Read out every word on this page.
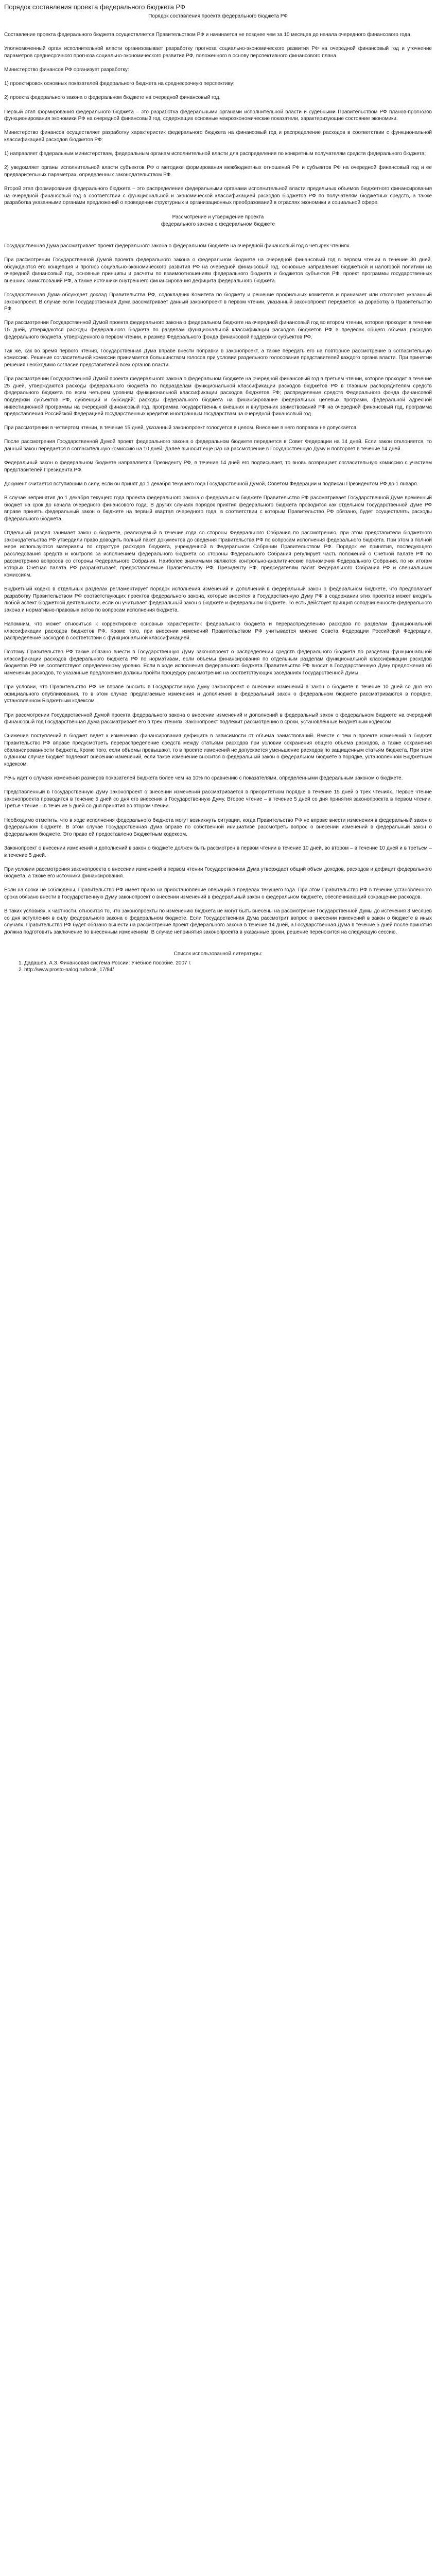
Порядок составления проекта федерального бюджета РФ
Порядок составления проекта федерального бюджета РФ

Составление проекта федерального бюджета осуществляется Правительством РФ и начинается не позднее чем за 10 месяцев до начала очередного финансового года.

Уполномоченный орган исполнительной власти организовывает разработку прогноза социально-экономического развития РФ на очередной финансовый год и уточнение параметров среднесрочного прогноза социально-экономического развития РФ, положенного в основу перспективного финансового плана.

Министерство финансов РФ организует разработку:

1) проектировок основных показателей федерального бюджета на среднесрочную перспективу;

2) проекта федерального закона о федеральном бюджете на очередной финансовый год.

Первый этап формирования федерального бюджета – это разработка федеральными органами исполнительной власти и судебными Правительством РФ планов-прогнозов функционирования экономики РФ на очередной финансовый год, содержащих основные макроэкономические показатели, характеризующие состояние экономики.

Министерство финансов осуществляет разработку характеристик федерального бюджета на финансовый год и распределение расходов в соответствии с функциональной классификацией расходов бюджетов РФ:

1) направляет федеральным министерствам, федеральным органам исполнительной власти для распределения по конкретным получателям средств федерального бюджета;

2) уведомляет органы исполнительной власти субъектов РФ о методике формирования межбюджетных отношений РФ и субъектов РФ на очередной финансовый год и ее предварительных параметрах, определенных законодательством РФ.

Второй этап формирования федерального бюджета – это распределение федеральными органами исполнительной власти предельных объемов бюджетного финансирования на очередной финансовый год в соответствии с функциональной и экономической классификацией расходов бюджетов РФ по получателям бюджетных средств, а также разработка указанными органами предложений о проведении структурных и организационных преобразований в отраслях экономики и социальной сфере.

Рассмотрение и утверждение проекта
федерального закона о федеральном бюджете

Государственная Дума рассматривает проект федерального закона о федеральном бюджете на очередной финансовый год в четырех чтениях.

При рассмотрении Государственной Думой проекта федерального закона о федеральном бюджете на очередной финансовый год в первом чтении в течение 30 дней, обсуждаются его концепция и прогноз социально-экономического развития РФ на очередной финансовый год, основные направления бюджетной и налоговой политики на очередной финансовый год, основные принципы и расчеты по взаимоотношениям федерального бюджета и бюджетов субъектов РФ, проект программы государственных внешних заимствований РФ, а также источники внутреннего финансирования дефицита федерального бюджета.

Государственная Дума обсуждает доклад Правительства РФ, содокладчик Комитета по бюджету и решение профильных комитетов и принимает или отклоняет указанный законопроект. В случае если Государственная Дума рассматривает данный законопроект в первом чтении, указанный законопроект передается на доработку в Правительство РФ.

При рассмотрении Государственной Думой проекта федерального закона о федеральном бюджете на очередной финансовый год во втором чтении, которое проходит в течение 15 дней, утверждаются расходы федерального бюджета по разделам функциональной классификации расходов бюджетов РФ в пределах общего объема расходов федерального бюджета, утвержденного в первом чтении, и размер Федерального фонда финансовой поддержки субъектов РФ.

Так же, как во время первого чтения, Государственная Дума вправе внести поправки в законопроект, а также передать его на повторное рассмотрение в согласительную комиссию. Решение согласительной комиссии принимается большинством голосов при условии раздельного голосования представителей каждого органа власти. При принятии решения необходимо согласие представителей всех органов власти.

При рассмотрении Государственной Думой проекта федерального закона о федеральном бюджете на очередной финансовый год в третьем чтении, которое проходит в течение 25 дней, утверждаются расходы федерального бюджета по подразделам функциональной классификации расходов бюджетов РФ в главным распорядителям средств федерального бюджета по всем четырем уровням функциональной классификации расходов бюджетов РФ; распределение средств Федерального фонда финансовой поддержки субъектов РФ, субвенций и субсидий; расходы федерального бюджета на финансирование федеральных целевых программ, федеральной адресной инвестиционной программы на очередной финансовый год, программа государственных внешних и внутренних заимствований РФ на очередной финансовый год, программа предоставления Российской Федерацией государственных кредитов иностранным государствам на очередной финансовый год.

При рассмотрении в четвертом чтении, в течение 15 дней, указанный законопроект голосуется в целом. Внесение в него поправок не допускается.

После рассмотрения Государственной Думой проект федерального закона о федеральном бюджете передается в Совет Федерации на 14 дней. Если закон отклоняется, то данный закон передается в согласительную комиссию на 10 дней. Далее выносит еще раз на рассмотрение в Государственную Думу и повторяет в течение 14 дней.

Федеральный закон о федеральном бюджете направляется Президенту РФ, в течение 14 дней его подписывает, то вновь возвращает согласительную комиссию с участием представителей Президента РФ.

Документ считается вступившим в силу, если он принят до 1 декабря текущего года Государственной Думой, Советом Федерации и подписан Президентом РФ до 1 января.

В случае непринятия до 1 декабря текущего года проекта федерального закона о федеральном бюджете Правительство РФ рассматривает Государственной Думе временный бюджет на срок до начала очередного финансового года. В других случаях порядок приятия федерального бюджета проводится как отдельном Государственной Думе РФ вправе принять федеральный закон о бюджете на первый квартал очередного года, в соответствии с которым Правительство РФ обязано, будет осуществлять расходы федерального бюджета.

Отдельный раздел занимает закон о бюджете, реализуемый в течение года со стороны Федерального Собрания по рассмотрению, при этом представители бюджетного законодательства РФ утвердили право доводить полный пакет документов до сведения Правительства РФ по вопросам исполнения федерального бюджета. При этом в полной мере используются материалы по структуре расходов бюджета, учрежденной в Федеральном Собрании Правительством РФ. Порядок ее принятия, последующего расследования средств и контроля за исполнением федерального бюджета со стороны Федерального Собрания регулирует часть положений о Счетной палате РФ по рассмотрению вопросов со стороны Федерального Собрания. Наиболее значимыми являются контрольно-аналитические полномочия Федерального Собрания, по их итогам которых Счетная палата РФ разрабатывает, предоставляемые Правительству РФ, Президенту РФ, председателям палат Федерального Собрания РФ и специальным комиссиям.

Бюджетный кодекс в отдельных разделах регламентирует порядок исполнения изменений и дополнений в федеральный закон о федеральном бюджете, что предполагает разработку Правительством РФ соответствующих проектов федерального закона, которые вносятся в Государственную Думу РФ в содержании этих проектов может входить любой аспект бюджетной деятельности, если он учитывает федеральный закон о бюджете и федеральном бюджете. То есть действует принцип соподчиненности федерального закона и нормативно-правовых актов по вопросам исполнения бюджета.

Напомним, что может относиться к корректировке основных характеристик федерального бюджета и перераспределению расходов по разделам функциональной классификации расходов бюджетов РФ. Кроме того, при внесении изменений Правительством РФ учитывается мнение Совета Федерации Российской Федерации, распределение расходов в соответствии с функциональной классификацией.

Поэтому Правительство РФ также обязано внести в Государственную Думу законопроект о распределении средств федерального бюджета по разделам функциональной классификации расходов федерального бюджета РФ по нормативам, если объемы финансирования по отдельным разделам функциональной классификации расходов бюджетов РФ не соответствуют определенному уровню. Если в ходе исполнения федерального бюджета Правительство РФ вносит в Государственную Думу предложения об изменении расходов, то указанные предложения должны пройти процедуру рассмотрения на соответствующих заседаниях Государственной Думы.

При условии, что Правительство РФ не вправе вносить в Государственную Думу законопроект о внесении изменений в закон о бюджете в течение 10 дней со дня его официального опубликования, то в этом случае предлагаемые изменения и дополнения в федеральный закон о федеральном бюджете рассматриваются в порядке, установленном Бюджетным кодексом.

При рассмотрении Государственной Думой проекта федерального закона о внесении изменений и дополнений в федеральный закон о федеральном бюджете на очередной финансовый год Государственная Дума рассматривает его в трех чтениях. Законопроект подлежит рассмотрению в сроки, установленные Бюджетным кодексом.

Снижение поступлений в бюджет ведет к изменению финансирования дефицита в зависимости от объема заимствований. Вместе с тем в проекте изменений в бюджет Правительство РФ вправе предусмотреть перераспределение средств между статьями расходов при условии сохранения общего объема расходов, а также сохранения сбалансированности бюджета. Кроме того, если объемы превышают, то в проекте изменений не допускается уменьшение расходов по защищенным статьям бюджета. При этом в данном случае бюджет подлежит внесению изменений, если такое изменение вносится в федеральный закон о федеральном бюджете в порядке, установленном Бюджетным кодексом.

Речь идет о случаях изменения размеров показателей бюджета более чем на 10% по сравнению с показателями, определенными федеральным законом о бюджете.

Представленный в Государственную Думу законопроект о внесении изменений рассматривается в приоритетном порядке в течение 15 дней в трех чтениях. Первое чтение законопроекта проводится в течение 5 дней со дня его внесения в Государственную Думу. Второе чтение – в течение 5 дней со дня принятия законопроекта в первом чтении. Третье чтение – в течение 5 дней со дня принятия во втором чтении.

Необходимо отметить, что в ходе исполнения федерального бюджета могут возникнуть ситуации, когда Правительство РФ не вправе внести изменения в федеральный закон о федеральном бюджете. В этом случае Государственная Дума вправе по собственной инициативе рассмотреть вопрос о внесении изменений в федеральный закон о федеральном бюджете. Это право ей предоставлено Бюджетным кодексом.

Законопроект о внесении изменений и дополнений в закон о бюджете должен быть рассмотрен в первом чтении в течение 10 дней, во втором – в течение 10 дней и в третьем – в течение 5 дней.

При условии рассмотрения законопроекта о внесении изменений в первом чтении Государственная Дума утверждает общий объем доходов, расходов и дефицит федерального бюджета, а также его источники финансирования.

Если на сроки не соблюдены, Правительство РФ имеет право на приостановление операций в пределах текущего года. При этом Правительство РФ в течение установленного срока обязано внести в Государственную Думу законопроект о внесении изменений в федеральный закон о федеральном бюджете, обеспечивающий сокращение расходов.

В таких условиях, к частности, относится то, что законопроекты по изменению бюджета не могут быть внесены на рассмотрение Государственной Думы до истечения 3 месяцев со дня вступления в силу федерального закона о федеральном бюджете. Если Государственная Дума рассмотрит вопрос о внесении изменений в закон о бюджете в иных случаях, Правительство РФ будет обязано вынести на рассмотрение проект федерального закона в течение 14 дней, а Государственная Дума в течение 5 дней после принятия должна подготовить заключение по внесенным изменениям. В случае непринятия законопроекта в указанные сроки, решение переносится на следующую сессию.

Список использованной литературы:
1. Дадашев, А.З. Финансовая система России: Учебное пособие. 2007 г.
2. http://www.prosto-nalog.ru/book_17/84/
